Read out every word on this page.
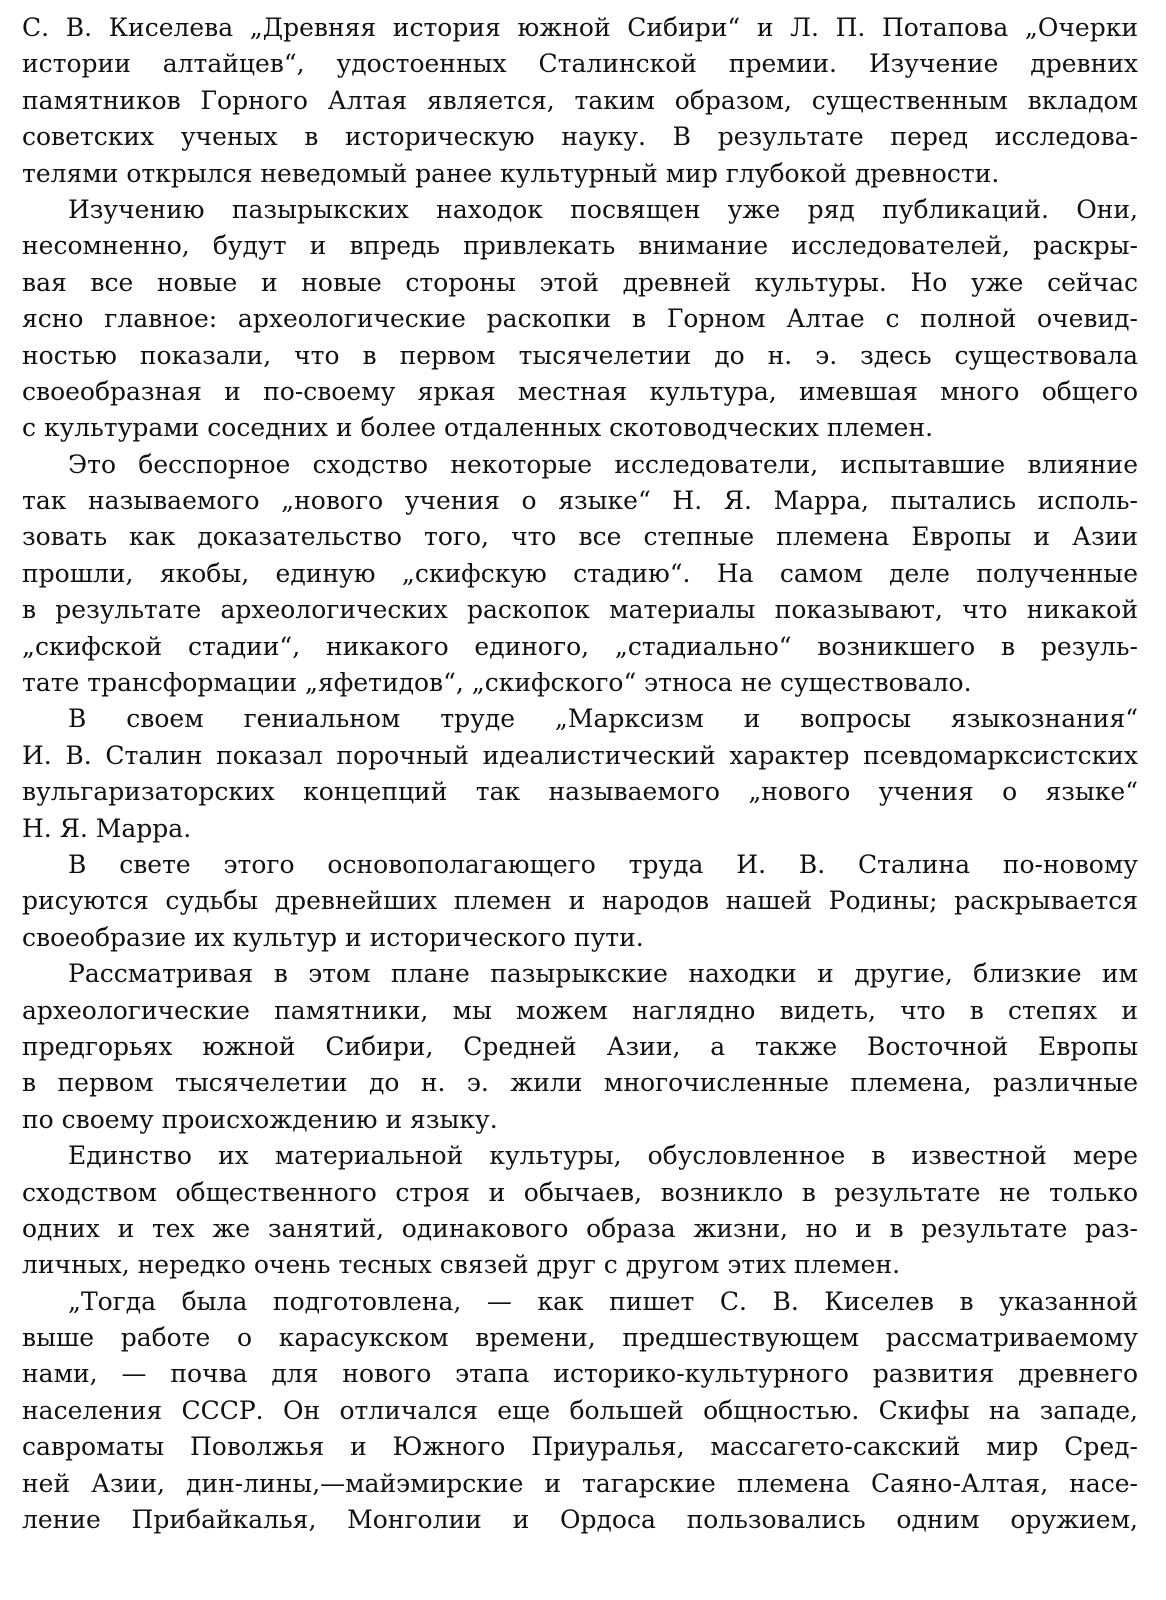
С. В. Киселева „Древняя история южной Сибири“ и Л. П. Потапова „Очерки
истории алтайцев“, удостоенных Сталинской премии. Изучение древних
памятников Горного Алтая является, таким образом, существенным вкладом
советских ученых в историческую науку. В результате перед исследова-
телями открылся неведомый ранее культурный мир глубокой древности.
Изучению пазырыкских находок посвящен уже ряд публикаций. Они,
несомненно, будут и впредь привлекать внимание исследователей, раскры-
вая все новые и новые стороны этой древней культуры. Но уже сейчас
ясно главное: археологические раскопки в Горном Алтае с полной очевид-
ностью показали, что в первом тысячелетии до н. э. здесь существовала
своеобразная и по-своему яркая местная культура, имевшая много общего
с культурами соседних и более отдаленных скотоводческих племен.
Это бесспорное сходство некоторые исследователи, испытавшие влияние
так называемого „нового учения о языке“ Н. Я. Марра, пытались исполь-
зовать как доказательство того, что все степные племена Европы и Азии
прошли, якобы, единую „скифскую стадию“. На самом деле полученные
в результате археологических раскопок материалы показывают, что никакой
„скифской стадии“, никакого единого, „стадиально“ возникшего в резуль-
тате трансформации „яфетидов“, „скифского“ этноса не существовало.
В своем гениальном труде „Марксизм и вопросы языкознания“
И. В. Сталин показал порочный идеалистический характер псевдомарксистских
вульгаризаторских концепций так называемого „нового учения о языке“
Н. Я. Марра.
В свете этого основополагающего труда И. В. Сталина по-новому
рисуются судьбы древнейших племен и народов нашей Родины; раскрывается
своеобразие их культур и исторического пути.
Рассматривая в этом плане пазырыкские находки и другие, близкие им
археологические памятники, мы можем наглядно видеть, что в степях и
предгорьях южной Сибири, Средней Азии, а также Восточной Европы
в первом тысячелетии до н. э. жили многочисленные племена, различные
по своему происхождению и языку.
Единство их материальной культуры, обусловленное в известной мере
сходством общественного строя и обычаев, возникло в результате не только
одних и тех же занятий, одинакового образа жизни, но и в результате раз-
личных, нередко очень тесных связей друг с другом этих племен.
„Тогда была подготовлена, — как пишет С. В. Киселев в указанной
выше работе о карасукском времени, предшествующем рассматриваемому
нами, — почва для нового этапа историко-культурного развития древнего
населения СССР. Он отличался еще большей общностью. Скифы на западе,
савроматы Поволжья и Южного Приуралья, массагето-сакский мир Сред-
ней Азии, дин-лины,—майэмирские и тагарские племена Саяно-Алтая, насе-
ление Прибайкалья, Монголии и Ордоса пользовались одним оружием,
